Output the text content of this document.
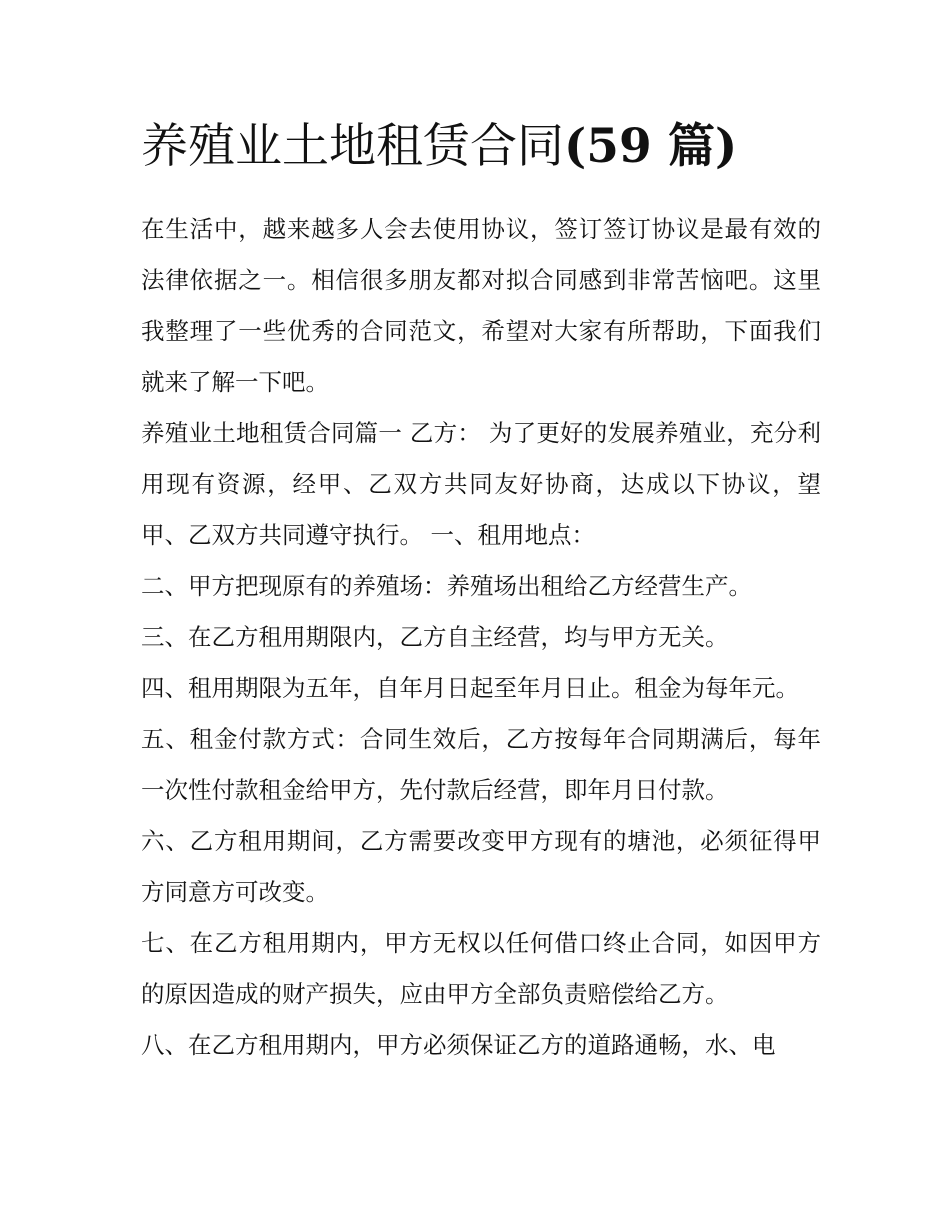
养殖业土地租赁合同(59 篇)

在生活中，越来越多人会去使用协议，签订签订协议是最有效的法律依据之一。相信很多朋友都对拟合同感到非常苦恼吧。这里我整理了一些优秀的合同范文，希望对大家有所帮助，下面我们就来了解一下吧。

养殖业土地租赁合同篇一 乙方： 为了更好的发展养殖业，充分利用现有资源，经甲、乙双方共同友好协商，达成以下协议，望甲、乙双方共同遵守执行。 一、租用地点：

二、甲方把现原有的养殖场：养殖场出租给乙方经营生产。

三、在乙方租用期限内，乙方自主经营，均与甲方无关。

四、租用期限为五年，自年月日起至年月日止。租金为每年元。

五、租金付款方式：合同生效后，乙方按每年合同期满后，每年一次性付款租金给甲方，先付款后经营，即年月日付款。

六、乙方租用期间，乙方需要改变甲方现有的塘池，必须征得甲方同意方可改变。

七、在乙方租用期内，甲方无权以任何借口终止合同，如因甲方的原因造成的财产损失，应由甲方全部负责赔偿给乙方。

八、在乙方租用期内，甲方必须保证乙方的道路通畅，水、电
